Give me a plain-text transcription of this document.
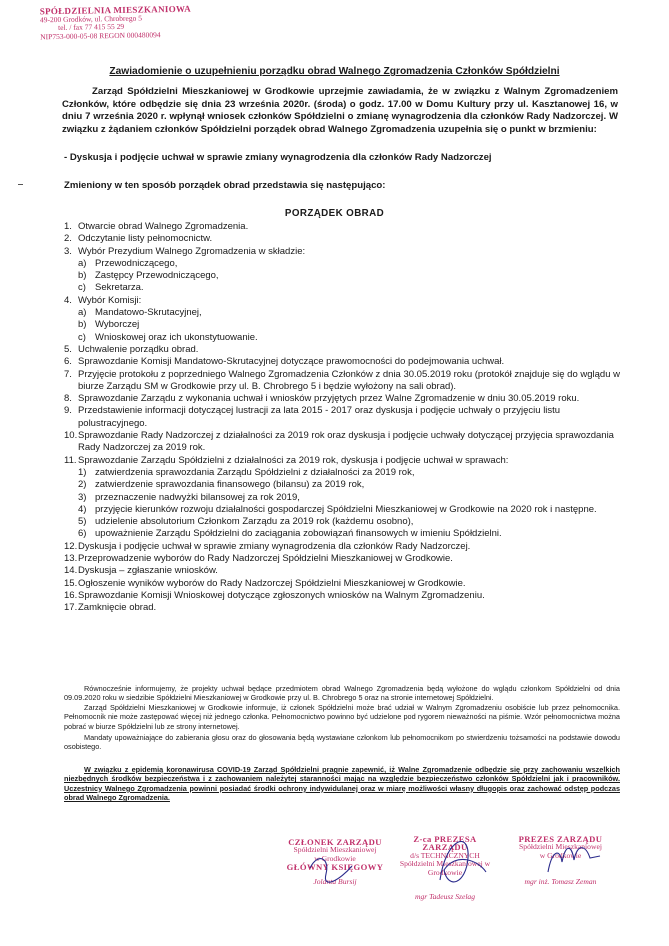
SPÓŁDZIELNIA MIESZKANIOWA
49-200 Grodków, ul. Chrobrego 5
tel. / fax 77 415 55 29
NIP753-000-05-08 REGON 000480094
Zawiadomienie o uzupełnieniu porządku obrad Walnego Zgromadzenia Członków Spółdzielni
Zarząd Spółdzielni Mieszkaniowej w Grodkowie uprzejmie zawiadamia, że w związku z Walnym Zgromadzeniem Członków, które odbędzie się dnia 23 września 2020r. (środa) o godz. 17.00 w Domu Kultury przy ul. Kasztanowej 16, w dniu 7 września 2020 r. wpłynął wniosek członków Spółdzielni o zmianę wynagrodzenia dla członków Rady Nadzorczej. W związku z żądaniem członków Spółdzielni porządek obrad Walnego Zgromadzenia uzupełnia się o punkt w brzmieniu:
- Dyskusja i podjęcie uchwał w sprawie zmiany wynagrodzenia dla członków Rady Nadzorczej
Zmieniony w ten sposób porządek obrad przedstawia się następująco:
PORZĄDEK OBRAD
1. Otwarcie obrad Walnego Zgromadzenia.
2. Odczytanie listy pełnomocnictw.
3. Wybór Prezydium Walnego Zgromadzenia w składzie:
a) Przewodniczącego,
b) Zastępcy Przewodniczącego,
c) Sekretarza.
4. Wybór Komisji:
a) Mandatowo-Skrutacyjnej,
b) Wyborczej
c) Wnioskowej oraz ich ukonstytuowanie.
5. Uchwalenie porządku obrad.
6. Sprawozdanie Komisji Mandatowo-Skrutacyjnej dotyczące prawomocności do podejmowania uchwał.
7. Przyjęcie protokołu z poprzedniego Walnego Zgromadzenia Członków z dnia 30.05.2019 roku (protokół znajduje się do wglądu w biurze Zarządu SM w Grodkowie przy ul. B. Chrobrego 5 i będzie wyłożony na sali obrad).
8. Sprawozdanie Zarządu z wykonania uchwał i wniosków przyjętych przez Walne Zgromadzenie w dniu 30.05.2019 roku.
9. Przedstawienie informacji dotyczącej lustracji za lata 2015 - 2017 oraz dyskusja i podjęcie uchwały o przyjęciu listu polustracyjnego.
10. Sprawozdanie Rady Nadzorczej z działalności za 2019 rok oraz dyskusja i podjęcie uchwały dotyczącej przyjęcia sprawozdania Rady Nadzorczej za 2019 rok.
11. Sprawozdanie Zarządu Spółdzielni z działalności za 2019 rok, dyskusja i podjęcie uchwał w sprawach:
1) zatwierdzenia sprawozdania Zarządu Spółdzielni z działalności za 2019 rok,
2) zatwierdzenie sprawozdania finansowego (bilansu) za 2019 rok,
3) przeznaczenie nadwyżki bilansowej za rok 2019,
4) przyjęcie kierunków rozwoju działalności gospodarczej Spółdzielni Mieszkaniowej w Grodkowie na 2020 rok i następne.
5) udzielenie absolutorium Członkom Zarządu za 2019 rok (każdemu osobno),
6) upoważnienie Zarządu Spółdzielni do zaciągania zobowiązań finansowych w imieniu Spółdzielni.
12. Dyskusja i podjęcie uchwał w sprawie zmiany wynagrodzenia dla członków Rady Nadzorczej.
13. Przeprowadzenie wyborów do Rady Nadzorczej Spółdzielni Mieszkaniowej w Grodkowie.
14. Dyskusja – zgłaszanie wniosków.
15. Ogłoszenie wyników wyborów do Rady Nadzorczej Spółdzielni Mieszkaniowej w Grodkowie.
16. Sprawozdanie Komisji Wnioskowej dotyczące zgłoszonych wniosków na Walnym Zgromadzeniu.
17. Zamknięcie obrad.
Równocześnie informujemy, że projekty uchwał będące przedmiotem obrad Walnego Zgromadzenia będą wyłożone do wglądu członkom Spółdzielni od dnia 09.09.2020 roku w siedzibie Spółdzielni Mieszkaniowej w Grodkowie przy ul. B. Chrobrego 5 oraz na stronie internetowej Spółdzielni.
Zarząd Spółdzielni Mieszkaniowej w Grodkowie informuje, iż członek Spółdzielni może brać udział w Walnym Zgromadzeniu osobiście lub przez pełnomocnika. Pełnomocnik nie może zastępować więcej niż jednego członka. Pełnomocnictwo powinno być udzielone pod rygorem nieważności na piśmie. Wzór pełnomocnictwa można pobrać w biurze Spółdzielni lub ze strony internetowej.
Mandaty upoważniające do zabierania głosu oraz do głosowania będą wystawiane członkom lub pełnomocnikom po stwierdzeniu tożsamości na podstawie dowodu osobistego.
W związku z epidemią koronawirusa COVID-19 Zarząd Spółdzielni pragnie zapewnić, iż Walne Zgromadzenie odbędzie się przy zachowaniu wszelkich niezbędnych środków bezpieczeństwa i z zachowaniem należytej staranności mając na względzie bezpieczeństwo członków Spółdzielni jak i pracowników. Uczestnicy Walnego Zgromadzenia powinni posiadać środki ochrony indywidulanej oraz w miarę możliwości własny długopis oraz zachować odstęp podczas obrad Walnego Zgromadzenia.
CZŁONEK ZARZĄDU
Spółdzielni Mieszkaniowej
w Grodkowie
GŁÓWNY KSIĘGOWY
Jolanta Bursij
Z-ca PREZESA ZARZĄDU
d/s TECHNICZNYCH
Spółdzielni Mieszkaniowej w Grodkowie
mgr Tadeusz Szelag
PREZES ZARZĄDU
Spółdzielni Mieszkaniowej
w Grodkowie
mgr inż. Tomasz Zeman
